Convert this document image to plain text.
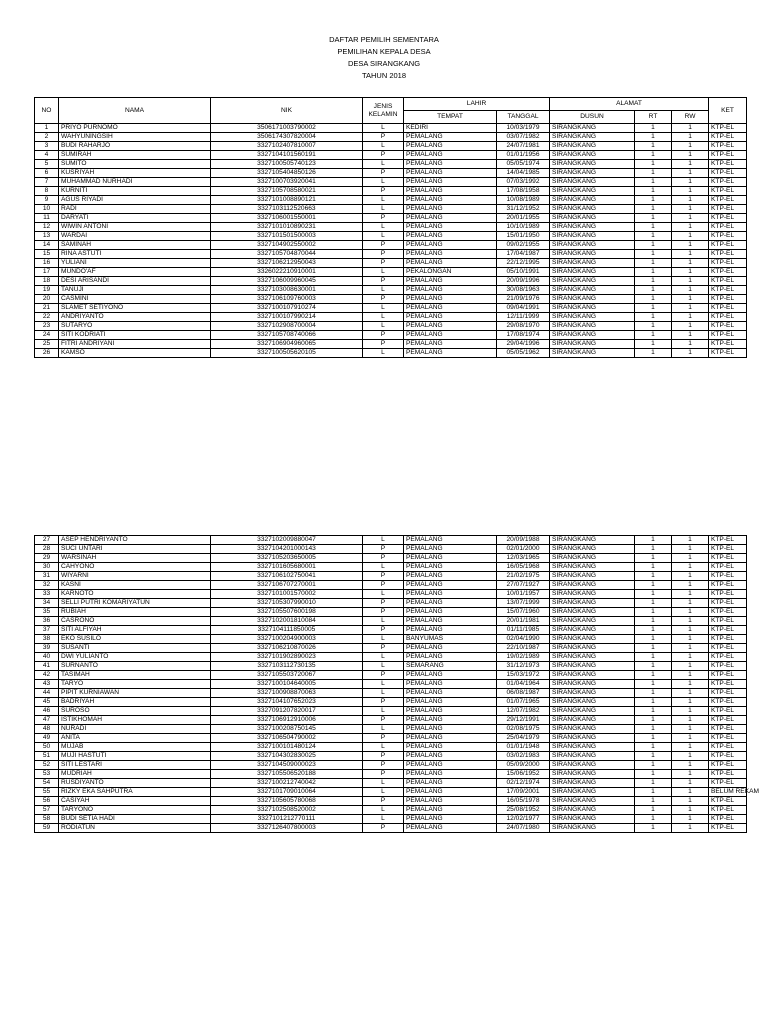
DAFTAR PEMILIH SEMENTARA
PEMILIHAN KEPALA DESA
DESA SIRANGKANG
TAHUN 2018
NO	NAMA	NIK	JENIS
KELAMIN	LAHIR		ALAMAT			KET
				TEMPAT	TANGGAL	DUSUN	RT	RW	
1	PRIYO PURNOMO	3506171003790002	L	KEDIRI	10/03/1979	SIRANGKANG	1	1	KTP-EL
2	WAHYUNINGSIH	3506174307820004	P	PEMALANG	03/07/1982	SIRANGKANG	1	1	KTP-EL
3	BUDI RAHARJO	3327102407810007	L	PEMALANG	24/07/1981	SIRANGKANG	1	1	KTP-EL
4	SUMIRAH	3327104101560191	P	PEMALANG	01/01/1956	SIRANGKANG	1	1	KTP-EL
5	SUMITO	3327100505740123	L	PEMALANG	05/05/1974	SIRANGKANG	1	1	KTP-EL
6	KUSRIYAH	3327105404850126	P	PEMALANG	14/04/1985	SIRANGKANG	1	1	KTP-EL
7	MUHAMMAD NURHADI	3327100703920041	L	PEMALANG	07/03/1992	SIRANGKANG	1	1	KTP-EL
8	KURNITI	3327105708580021	P	PEMALANG	17/08/1958	SIRANGKANG	1	1	KTP-EL
9	AGUS RIYADI	3327101008890121	L	PEMALANG	10/08/1989	SIRANGKANG	1	1	KTP-EL
10	RADI	3327103112520663	L	PEMALANG	31/12/1952	SIRANGKANG	1	1	KTP-EL
11	DARYATI	3327106001550001	P	PEMALANG	20/01/1955	SIRANGKANG	1	1	KTP-EL
12	WIWIN ANTONI	3327101010890231	L	PEMALANG	10/10/1989	SIRANGKANG	1	1	KTP-EL
13	WARDAI	3327101501500003	L	PEMALANG	15/01/1950	SIRANGKANG	1	1	KTP-EL
14	SAMINAH	3327104902550002	P	PEMALANG	09/02/1955	SIRANGKANG	1	1	KTP-EL
15	RINA ASTUTI	3327105704870044	P	PEMALANG	17/04/1987	SIRANGKANG	1	1	KTP-EL
16	YULIANI	3327106212950043	P	PEMALANG	22/12/1995	SIRANGKANG	1	1	KTP-EL
17	MUNDO'AF	3326022210910001	L	PEKALONGAN	05/10/1991	SIRANGKANG	1	1	KTP-EL
18	DESI ARISANDI	3327106009960045	P	PEMALANG	20/09/1996	SIRANGKANG	1	1	KTP-EL
19	TANUJI	3327103008630001	L	PEMALANG	30/08/1963	SIRANGKANG	1	1	KTP-EL
20	CASMINI	3327106109760003	P	PEMALANG	21/09/1976	SIRANGKANG	1	1	KTP-EL
21	SLAMET SETIYONO	3327100107910274	L	PEMALANG	09/04/1991	SIRANGKANG	1	1	KTP-EL
22	ANDRIYANTO	3327100107990214	L	PEMALANG	12/11/1999	SIRANGKANG	1	1	KTP-EL
23	SUTARYO	3327102908700004	L	PEMALANG	29/08/1970	SIRANGKANG	1	1	KTP-EL
24	SITI KODRIATI	3327105708740066	P	PEMALANG	17/08/1974	SIRANGKANG	1	1	KTP-EL
25	FITRI ANDRIYANI	3327106904960065	P	PEMALANG	29/04/1996	SIRANGKANG	1	1	KTP-EL
26	KAMSO	3327100505620105	L	PEMALANG	05/05/1962	SIRANGKANG	1	1	KTP-EL
27	ASEP HENDRIYANTO	3327102009880047	L	PEMALANG	20/09/1988	SIRANGKANG	1	1	KTP-EL
28	SUCI UNTARI	3327104201000143	P	PEMALANG	02/01/2000	SIRANGKANG	1	1	KTP-EL
29	WARSINAH	3327105203650005	P	PEMALANG	12/03/1965	SIRANGKANG	1	1	KTP-EL
30	CAHYONO	3327101605680001	L	PEMALANG	16/05/1968	SIRANGKANG	1	1	KTP-EL
31	WIYARNI	3327106102750041	P	PEMALANG	21/02/1975	SIRANGKANG	1	1	KTP-EL
32	KASNI	3327106707270001	P	PEMALANG	27/07/1927	SIRANGKANG	1	1	KTP-EL
33	KARNOTO	3327101001570002	L	PEMALANG	10/01/1957	SIRANGKANG	1	1	KTP-EL
34	SELLI PUTRI KOMARIYATUN	3327105307990010	P	PEMALANG	13/07/1999	SIRANGKANG	1	1	KTP-EL
35	RUBIAH	3327105507600198	P	PEMALANG	15/07/1960	SIRANGKANG	1	1	KTP-EL
36	CASRONO	3327102001810084	L	PEMALANG	20/01/1981	SIRANGKANG	1	1	KTP-EL
37	SITI ALFIYAH	3327104111850005	P	PEMALANG	01/11/1985	SIRANGKANG	1	1	KTP-EL
38	EKO SUSILO	3327100204900003	L	BANYUMAS	02/04/1990	SIRANGKANG	1	1	KTP-EL
39	SUSANTI	3327106210870026	P	PEMALANG	22/10/1987	SIRANGKANG	1	1	KTP-EL
40	DWI YULIANTO	3327101902890023	L	PEMALANG	19/02/1989	SIRANGKANG	1	1	KTP-EL
41	SURNANTO	3327103112730135	L	SEMARANG	31/12/1973	SIRANGKANG	1	1	KTP-EL
42	TASIMAH	3327105503720067	P	PEMALANG	15/03/1972	SIRANGKANG	1	1	KTP-EL
43	TARYO	3327100104640005	L	PEMALANG	01/04/1964	SIRANGKANG	1	1	KTP-EL
44	PIPIT KURNIAWAN	3327100908870063	L	PEMALANG	06/08/1987	SIRANGKANG	1	1	KTP-EL
45	BADRIYAH	3327104107652023	P	PEMALANG	01/07/1965	SIRANGKANG	1	1	KTP-EL
46	SUROSO	3327091207820017	L	PEMALANG	12/07/1982	SIRANGKANG	1	1	KTP-EL
47	ISTIKHOMAH	3327106912910006	P	PEMALANG	29/12/1991	SIRANGKANG	1	1	KTP-EL
48	NURADI	3327100208750145	L	PEMALANG	02/08/1975	SIRANGKANG	1	1	KTP-EL
49	ANITA	3327106504790002	P	PEMALANG	25/04/1979	SIRANGKANG	1	1	KTP-EL
50	MUJAB	3327100101480124	L	PEMALANG	01/01/1948	SIRANGKANG	1	1	KTP-EL
51	MUJI HASTUTI	3327104302830025	P	PEMALANG	03/02/1983	SIRANGKANG	1	1	KTP-EL
52	SITI LESTARI	3327104509000023	P	PEMALANG	05/09/2000	SIRANGKANG	1	1	KTP-EL
53	MUDRIAH	3327105506520188	P	PEMALANG	15/06/1952	SIRANGKANG	1	1	KTP-EL
54	RUSDIYANTO	3327100212740042	L	PEMALANG	02/12/1974	SIRANGKANG	1	1	KTP-EL
55	RIZKY EKA SAHPUTRA	3327101709010064	L	PEMALANG	17/09/2001	SIRANGKANG	1	1	BELUM REKAM
56	CASIYAH	3327105605780068	P	PEMALANG	16/05/1978	SIRANGKANG	1	1	KTP-EL
57	TARYONO	3327102508520002	L	PEMALANG	25/08/1952	SIRANGKANG	1	1	KTP-EL
58	BUDI SETIA HADI	3327101212770111	L	PEMALANG	12/02/1977	SIRANGKANG	1	1	KTP-EL
59	RODIATUN	3327126407800003	P	PEMALANG	24/07/1980	SIRANGKANG	1	1	KTP-EL
